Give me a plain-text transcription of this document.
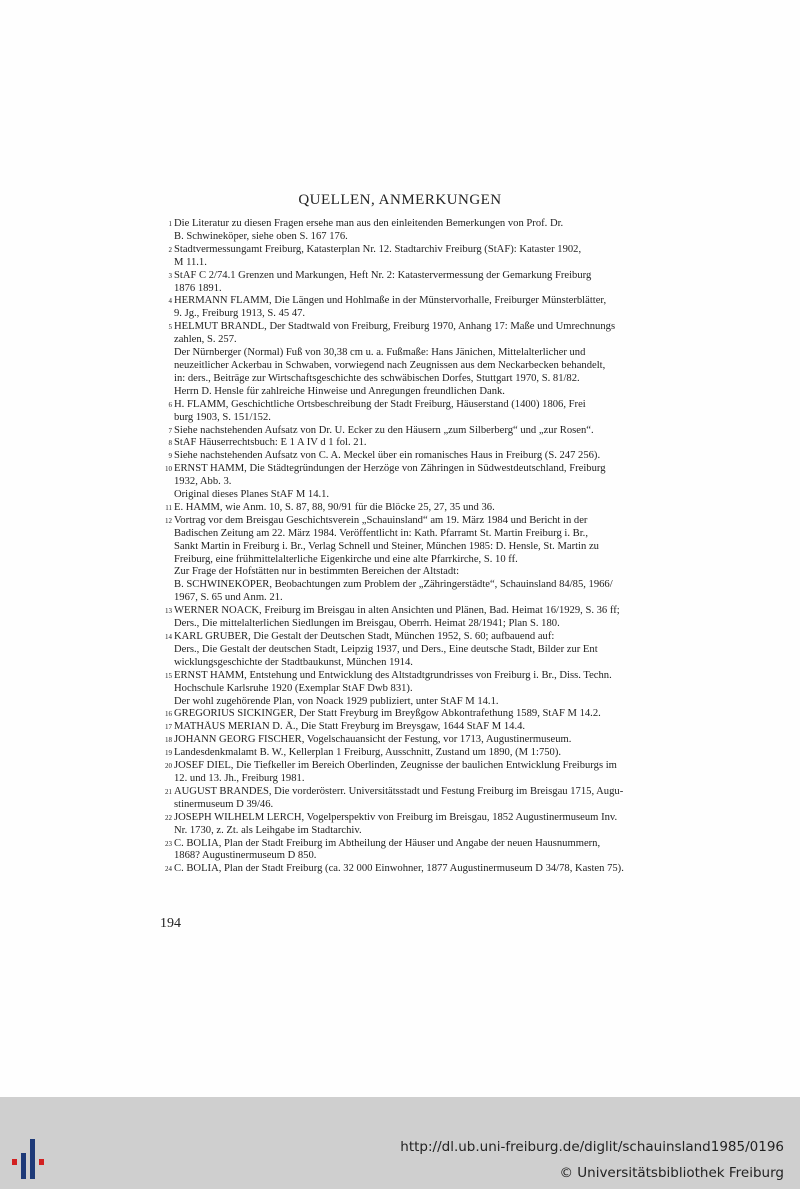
QUELLEN, ANMERKUNGEN
1 Die Literatur zu diesen Fragen ersehe man aus den einleitenden Bemerkungen von Prof. Dr.
B. Schwineköper, siehe oben S. 167 176.
2 Stadtvermessungamt Freiburg, Katasterplan Nr. 12. Stadtarchiv Freiburg (StAF): Kataster 1902,
M 11.1.
3 StAF C 2/74.1 Grenzen und Markungen, Heft Nr. 2: Katastervermessung der Gemarkung Freiburg
1876 1891.
4 HERMANN FLAMM, Die Längen und Hohlmaße in der Münstervorhalle, Freiburger Münsterblätter,
9. Jg., Freiburg 1913, S. 45 47.
5 HELMUT BRANDL, Der Stadtwald von Freiburg, Freiburg 1970, Anhang 17: Maße und Umrechnungs
zahlen, S. 257.
Der Nürnberger (Normal) Fuß von 30,38 cm u. a. Fußmaße: Hans Jänichen, Mittelalterlicher und
neuzeitlicher Ackerbau in Schwaben, vorwiegend nach Zeugnissen aus dem Neckarbecken behandelt,
in: ders., Beiträge zur Wirtschaftsgeschichte des schwäbischen Dorfes, Stuttgart 1970, S. 81/82.
Herrn D. Hensle für zahlreiche Hinweise und Anregungen freundlichen Dank.
6 H. FLAMM, Geschichtliche Ortsbeschreibung der Stadt Freiburg, Häuserstand (1400) 1806, Frei
burg 1903, S. 151/152.
7 Siehe nachstehenden Aufsatz von Dr. U. Ecker zu den Häusern „zum Silberberg“ und „zur Rosen“.
8 StAF Häuserrechtsbuch: E 1 A IV d 1 fol. 21.
9 Siehe nachstehenden Aufsatz von C. A. Meckel über ein romanisches Haus in Freiburg (S. 247 256).
10 ERNST HAMM, Die Städtegründungen der Herzöge von Zähringen in Südwestdeutschland, Freiburg
1932, Abb. 3.
Original dieses Planes StAF M 14.1.
11 E. HAMM, wie Anm. 10, S. 87, 88, 90/91 für die Blöcke 25, 27, 35 und 36.
12 Vortrag vor dem Breisgau Geschichtsverein „Schauinsland“ am 19. März 1984 und Bericht in der
Badischen Zeitung am 22. März 1984. Veröffentlicht in: Kath. Pfarramt St. Martin Freiburg i. Br.,
Sankt Martin in Freiburg i. Br., Verlag Schnell und Steiner, München 1985: D. Hensle, St. Martin zu
Freiburg, eine frühmittelalterliche Eigenkirche und eine alte Pfarrkirche, S. 10 ff.
Zur Frage der Hofstätten nur in bestimmten Bereichen der Altstadt:
B. SCHWINEKÖPER, Beobachtungen zum Problem der „Zähringerstädte“, Schauinsland 84/85, 1966/
1967, S. 65 und Anm. 21.
13 WERNER NOACK, Freiburg im Breisgau in alten Ansichten und Plänen, Bad. Heimat 16/1929, S. 36 ff;
Ders., Die mittelalterlichen Siedlungen im Breisgau, Oberrh. Heimat 28/1941; Plan S. 180.
14 KARL GRUBER, Die Gestalt der Deutschen Stadt, München 1952, S. 60; aufbauend auf:
Ders., Die Gestalt der deutschen Stadt, Leipzig 1937, und Ders., Eine deutsche Stadt, Bilder zur Ent
wicklungsgeschichte der Stadtbaukunst, München 1914.
15 ERNST HAMM, Entstehung und Entwicklung des Altstadtgrundrisses von Freiburg i. Br., Diss. Techn.
Hochschule Karlsruhe 1920 (Exemplar StAF Dwb 831).
Der wohl zugehörende Plan, von Noack 1929 publiziert, unter StAF M 14.1.
16 GREGORIUS SICKINGER, Der Statt Freyburg im Breyßgow Abkontrafethung 1589, StAF M 14.2.
17 MATHÄUS MERIAN D. Ä., Die Statt Freyburg im Breysgaw, 1644 StAF M 14.4.
18 JOHANN GEORG FISCHER, Vogelschauansicht der Festung, vor 1713, Augustinermuseum.
19 Landesdenkmalamt B. W., Kellerplan 1 Freiburg, Ausschnitt, Zustand um 1890, (M 1:750).
20 JOSEF DIEL, Die Tiefkeller im Bereich Oberlinden, Zeugnisse der baulichen Entwicklung Freiburgs im
12. und 13. Jh., Freiburg 1981.
21 AUGUST BRANDES, Die vorderösterr. Universitätsstadt und Festung Freiburg im Breisgau 1715, Augu-
stinermuseum D 39/46.
22 JOSEPH WILHELM LERCH, Vogelperspektiv von Freiburg im Breisgau, 1852 Augustinermuseum Inv.
Nr. 1730, z. Zt. als Leihgabe im Stadtarchiv.
23 C. BOLIA, Plan der Stadt Freiburg im Abtheilung der Häuser und Angabe der neuen Hausnummern,
1868? Augustinermuseum D 850.
24 C. BOLIA, Plan der Stadt Freiburg (ca. 32 000 Einwohner, 1877 Augustinermuseum D 34/78, Kasten 75).
194
http://dl.ub.uni-freiburg.de/diglit/schauinsland1985/0196
© Universitätsbibliothek Freiburg
